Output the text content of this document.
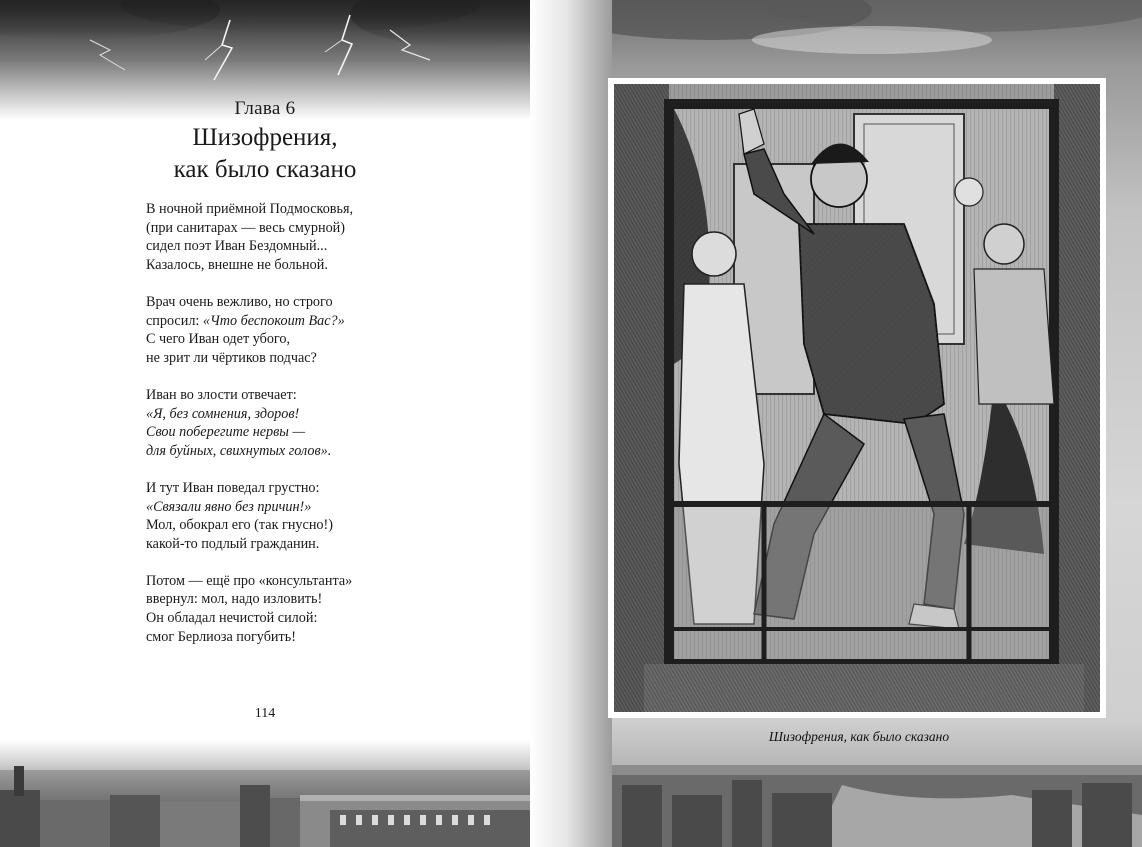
Глава 6
Шизофрения,
как было сказано
В ночной приёмной Подмосковья,
(при санитарах — весь смурной)
сидел поэт Иван Бездомный...
Казалось, внешне не больной.
Врач очень вежливо, но строго
спросил: «Что беспокоит Вас?»
С чего Иван одет убого,
не зрит ли чёртиков подчас?
Иван во злости отвечает:
«Я, без сомнения, здоров!
Свои поберегите нервы —
для буйных, свихнутых голов».
И тут Иван поведал грустно:
«Связали явно без причин!»
Мол, обокрал его (так гнусно!)
какой-то подлый гражданин.
Потом — ещё про «консультанта»
ввернул: мол, надо изловить!
Он обладал нечистой силой:
смог Берлиоза погубить!
114
Шизофрения, как было сказано
